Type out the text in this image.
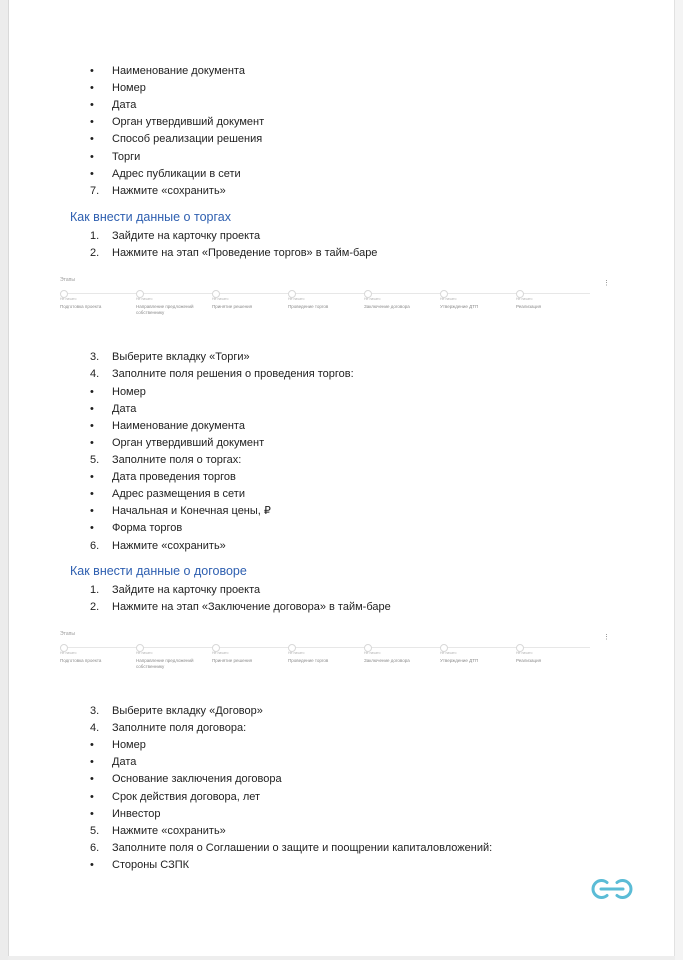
•	Наименование документа
•	Номер
•	Дата
•	Орган утвердивший документ
•	Способ реализации решения
•	Торги
•	Адрес публикации в сети
7.	Нажмите «сохранить»
Как внести данные о торгах
1.	Зайдите на карточку проекта
2.	Нажмите на этап «Проведение торгов» в тайм-баре
Этапы	⋮
Не начато
Подготовка проекта
Не начато
Направление предложений собственнику
Не начато
Принятие решения
Не начато
Проведение торгов
Не начато
Заключение договора
Не начато
Утверждение ДТП
Не начато
Реализация
3.	Выберите вкладку «Торги»
4.	Заполните поля решения о проведения торгов:
•	Номер
•	Дата
•	Наименование документа
•	Орган утвердивший документ
5.	Заполните поля о торгах:
•	Дата проведения торгов
•	Адрес размещения в сети
•	Начальная и Конечная цены, ₽
•	Форма торгов
6.	Нажмите «сохранить»
Как внести данные о договоре
1.	Зайдите на карточку проекта
2.	Нажмите на этап «Заключение договора» в тайм-баре
Этапы	⋮
Не начато
Подготовка проекта
Не начато
Направление предложений собственнику
Не начато
Принятие решения
Не начато
Проведение торгов
Не начато
Заключение договора
Не начато
Утверждение ДТП
Не начато
Реализация
3.	Выберите вкладку «Договор»
4.	Заполните поля договора:
•	Номер
•	Дата
•	Основание заключения договора
•	Срок действия договора, лет
•	Инвестор
5.	Нажмите «сохранить»
6.	Заполните поля о Соглашении о защите и поощрении капиталовложений:
•	Стороны СЗПК
